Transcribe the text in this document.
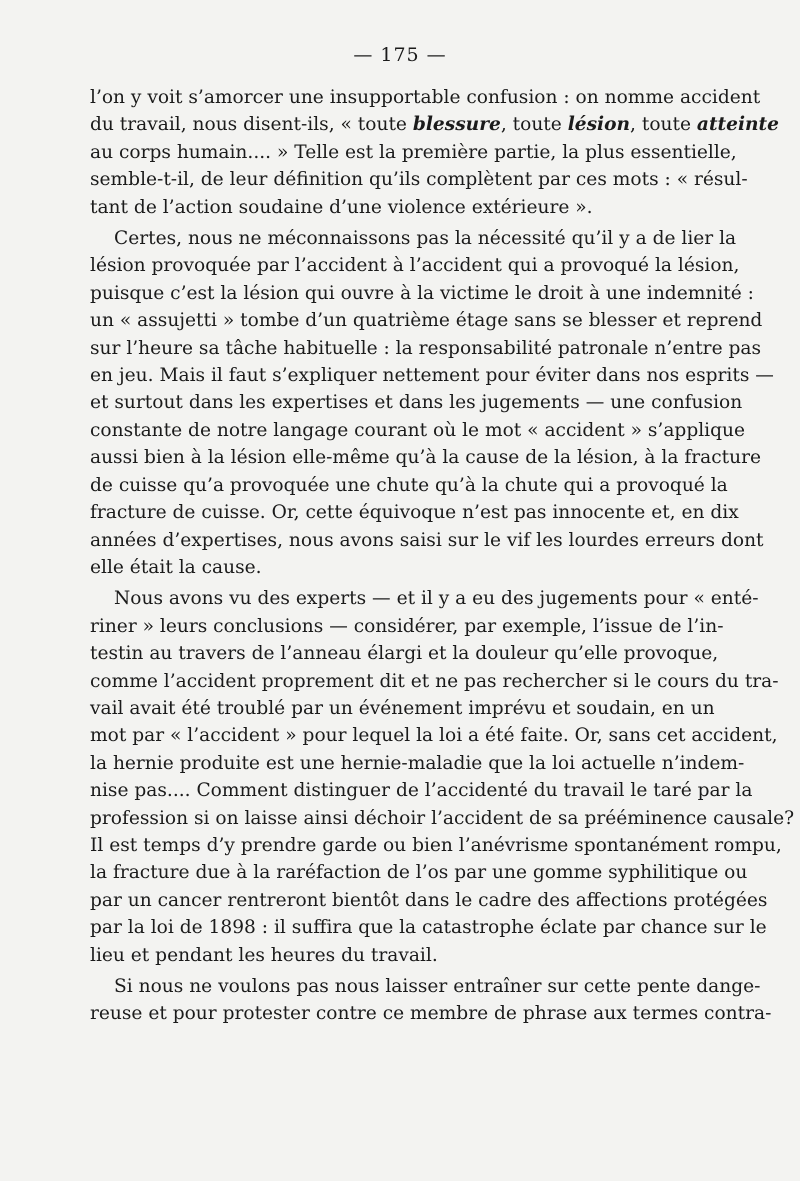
— 175 —
l’on y voit s’amorcer une insupportable confusion : on nomme accident
du travail, nous disent-ils, « toute blessure, toute lésion, toute atteinte
au corps humain.... » Telle est la première partie, la plus essentielle,
semble-t-il, de leur définition qu’ils complètent par ces mots : « résul-
tant de l’action soudaine d’une violence extérieure ».
Certes, nous ne méconnaissons pas la nécessité qu’il y a de lier la
lésion provoquée par l’accident à l’accident qui a provoqué la lésion,
puisque c’est la lésion qui ouvre à la victime le droit à une indemnité :
un « assujetti » tombe d’un quatrième étage sans se blesser et reprend
sur l’heure sa tâche habituelle : la responsabilité patronale n’entre pas
en jeu. Mais il faut s’expliquer nettement pour éviter dans nos esprits —
et surtout dans les expertises et dans les jugements — une confusion
constante de notre langage courant où le mot « accident » s’applique
aussi bien à la lésion elle-même qu’à la cause de la lésion, à la fracture
de cuisse qu’a provoquée une chute qu’à la chute qui a provoqué la
fracture de cuisse. Or, cette équivoque n’est pas innocente et, en dix
années d’expertises, nous avons saisi sur le vif les lourdes erreurs dont
elle était la cause.
Nous avons vu des experts — et il y a eu des jugements pour « enté-
riner » leurs conclusions — considérer, par exemple, l’issue de l’in-
testin au travers de l’anneau élargi et la douleur qu’elle provoque,
comme l’accident proprement dit et ne pas rechercher si le cours du tra-
vail avait été troublé par un événement imprévu et soudain, en un
mot par « l’accident » pour lequel la loi a été faite. Or, sans cet accident,
la hernie produite est une hernie-maladie que la loi actuelle n’indem-
nise pas.... Comment distinguer de l’accidenté du travail le taré par la
profession si on laisse ainsi déchoir l’accident de sa prééminence causale?
Il est temps d’y prendre garde ou bien l’anévrisme spontanément rompu,
la fracture due à la raréfaction de l’os par une gomme syphilitique ou
par un cancer rentreront bientôt dans le cadre des affections protégées
par la loi de 1898 : il suffira que la catastrophe éclate par chance sur le
lieu et pendant les heures du travail.
Si nous ne voulons pas nous laisser entraîner sur cette pente dange-
reuse et pour protester contre ce membre de phrase aux termes contra-
